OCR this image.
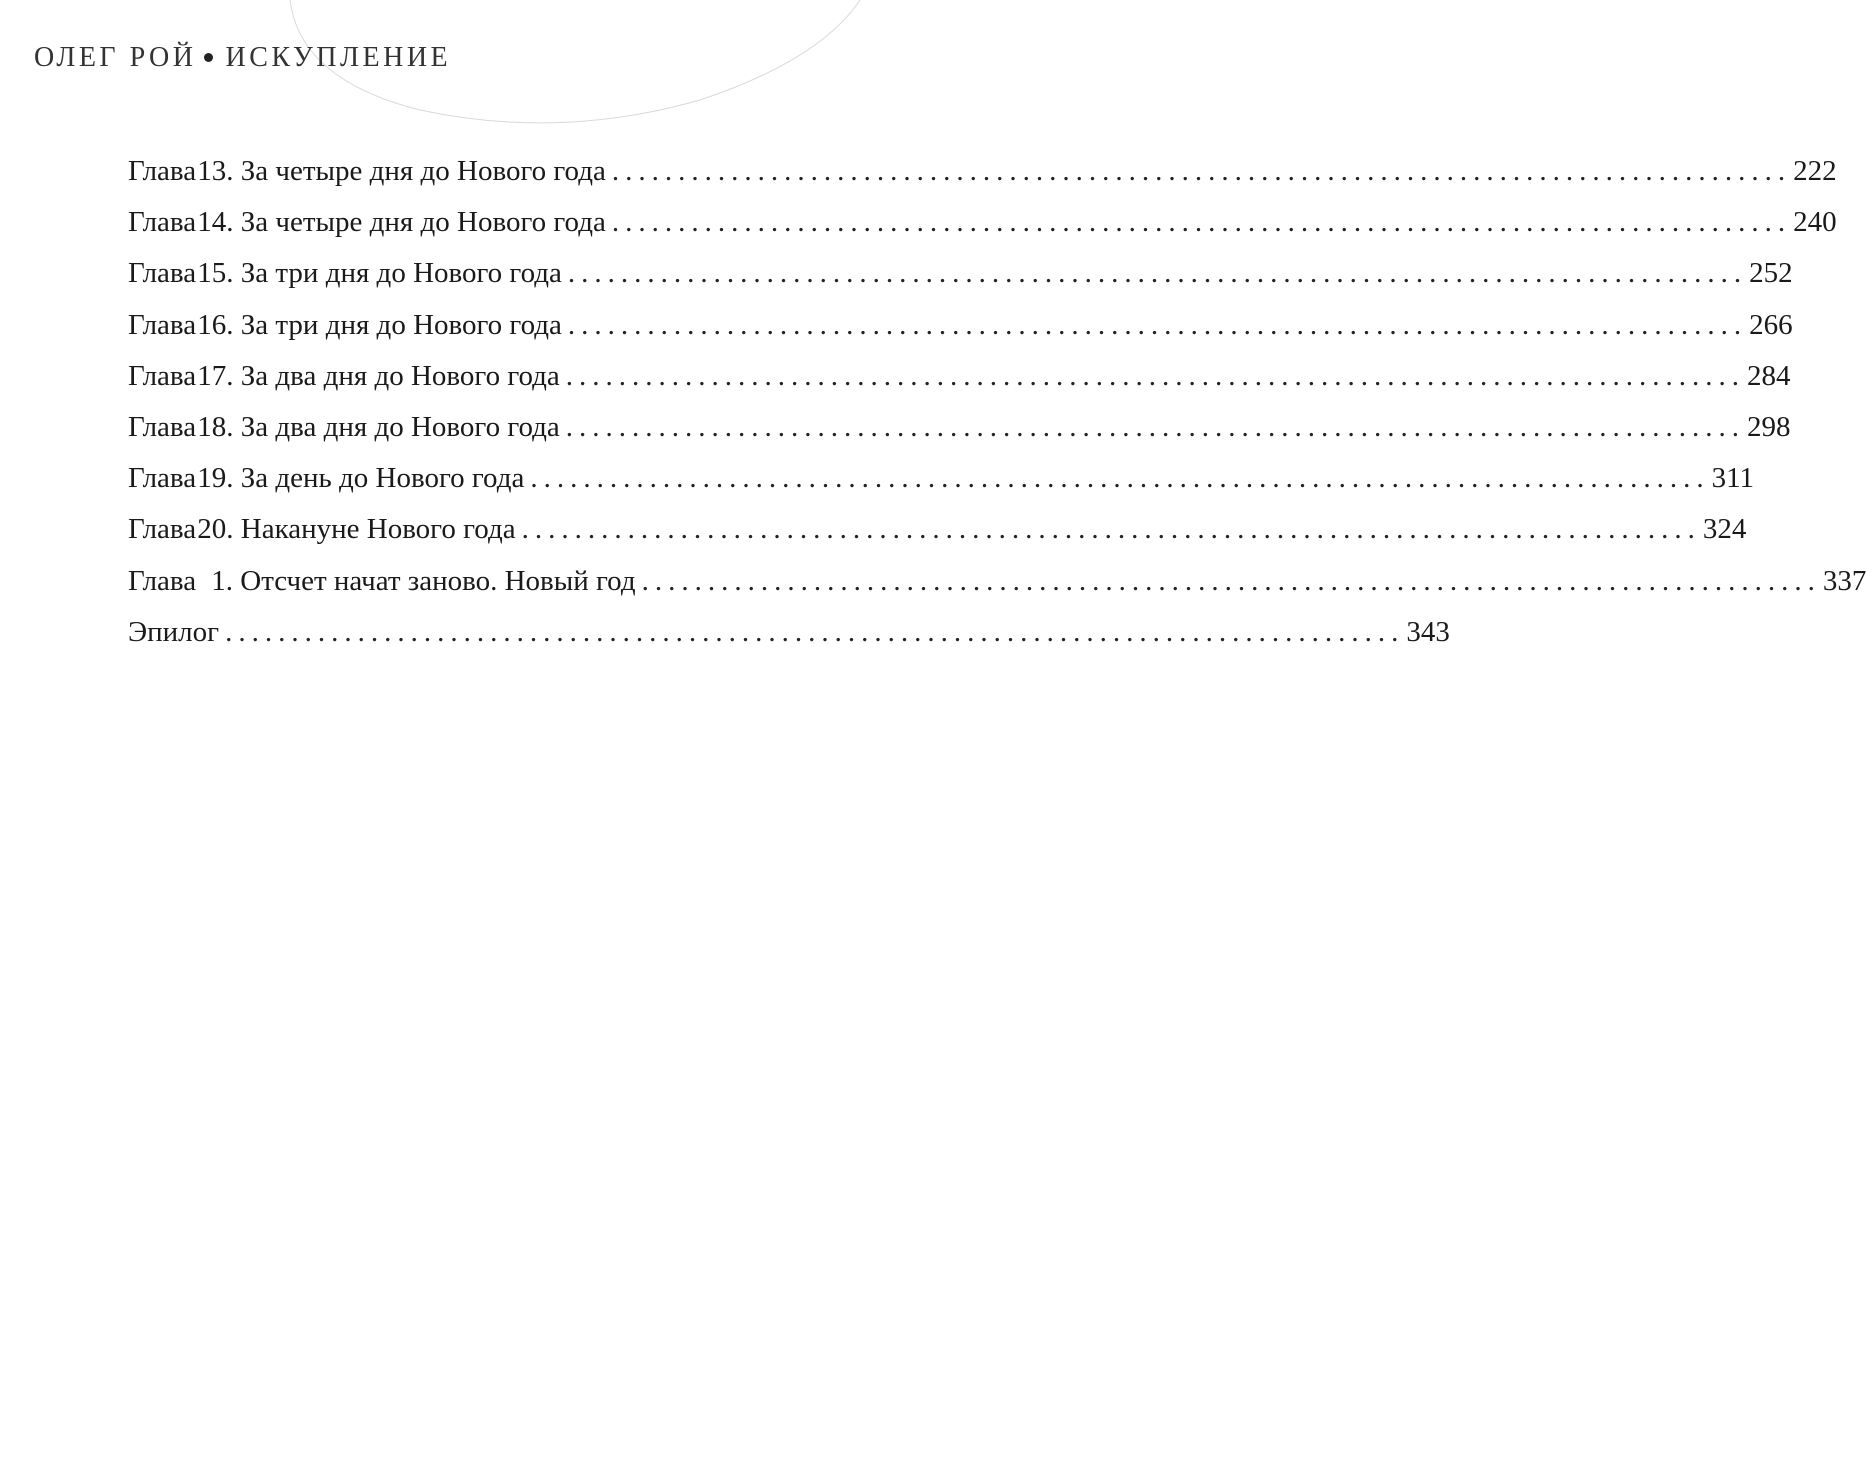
ОЛЕГ РОЙ ИСКУПЛЕНИЕ
Глава 13. За четыре дня до Нового года ......................................................................................... 222
Глава 14. За четыре дня до Нового года ......................................................................................... 240
Глава 15. За три дня до Нового года ......................................................................................... 252
Глава 16. За три дня до Нового года ......................................................................................... 266
Глава 17. За два дня до Нового года ......................................................................................... 284
Глава 18. За два дня до Нового года ......................................................................................... 298
Глава 19. За день до Нового года ......................................................................................... 311
Глава 20. Накануне Нового года ......................................................................................... 324
Глава 1. Отсчет начат заново. Новый год ......................................................................................... 337
Эпилог ......................................................................................... 343
